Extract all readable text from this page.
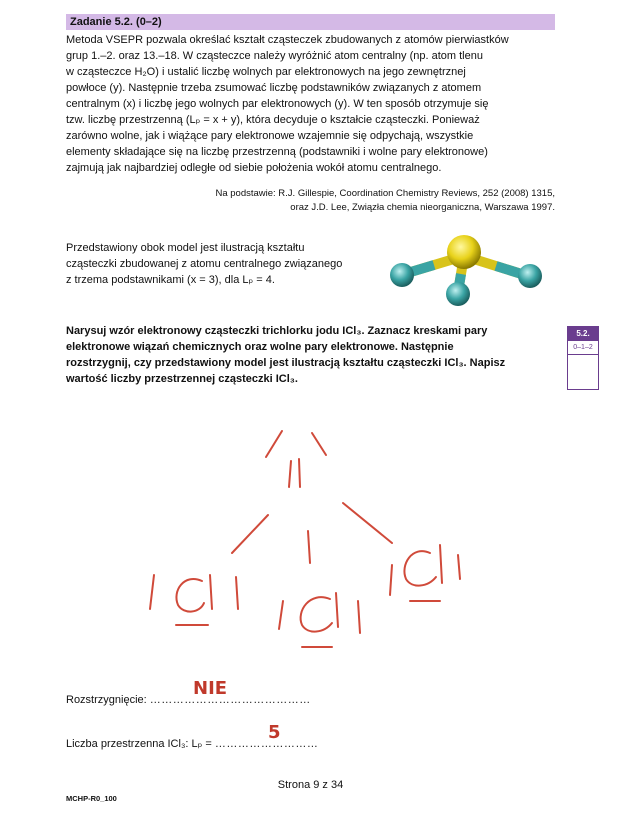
Zadanie 5.2. (0–2)

Metoda VSEPR pozwala określać kształt cząsteczek zbudowanych z atomów pierwiastków
grup 1.–2. oraz 13.–18. W cząsteczce należy wyróżnić atom centralny (np. atom tlenu
w cząsteczce H₂O) i ustalić liczbę wolnych par elektronowych na jego zewnętrznej
powłoce (y). Następnie trzeba zsumować liczbę podstawników związanych z atomem
centralnym (x) i liczbę jego wolnych par elektronowych (y). W ten sposób otrzymuje się
tzw. liczbę przestrzenną (Lₚ = x + y), która decyduje o kształcie cząsteczki. Ponieważ
zarówno wolne, jak i wiążące pary elektronowe wzajemnie się odpychają, wszystkie
elementy składające się na liczbę przestrzenną (podstawniki i wolne pary elektronowe)
zajmują jak najbardziej odległe od siebie położenia wokół atomu centralnego.

Na podstawie: R.J. Gillespie, Coordination Chemistry Reviews, 252 (2008) 1315,
oraz J.D. Lee, Związła chemia nieorganiczna, Warszawa 1997.

Przedstawiony obok model jest ilustracją kształtu
cząsteczki zbudowanej z atomu centralnego związanego
z trzema podstawnikami (x = 3), dla Lₚ = 4.

Narysuj wzór elektronowy cząsteczki trichlorku jodu ICl₃. Zaznacz kreskami pary
elektronowe wiązań chemicznych oraz wolne pary elektronowe. Następnie
rozstrzygnij, czy przedstawiony model jest ilustracją kształtu cząsteczki ICl₃. Napisz
wartość liczby przestrzennej cząsteczki ICl₃.

5.2.
0–1–2
Rozstrzygnięcie: ……………………………………
NIE
Liczba przestrzenna ICl₃: Lₚ = ………………………
5
Strona 9 z 34
MCHP-R0_100
